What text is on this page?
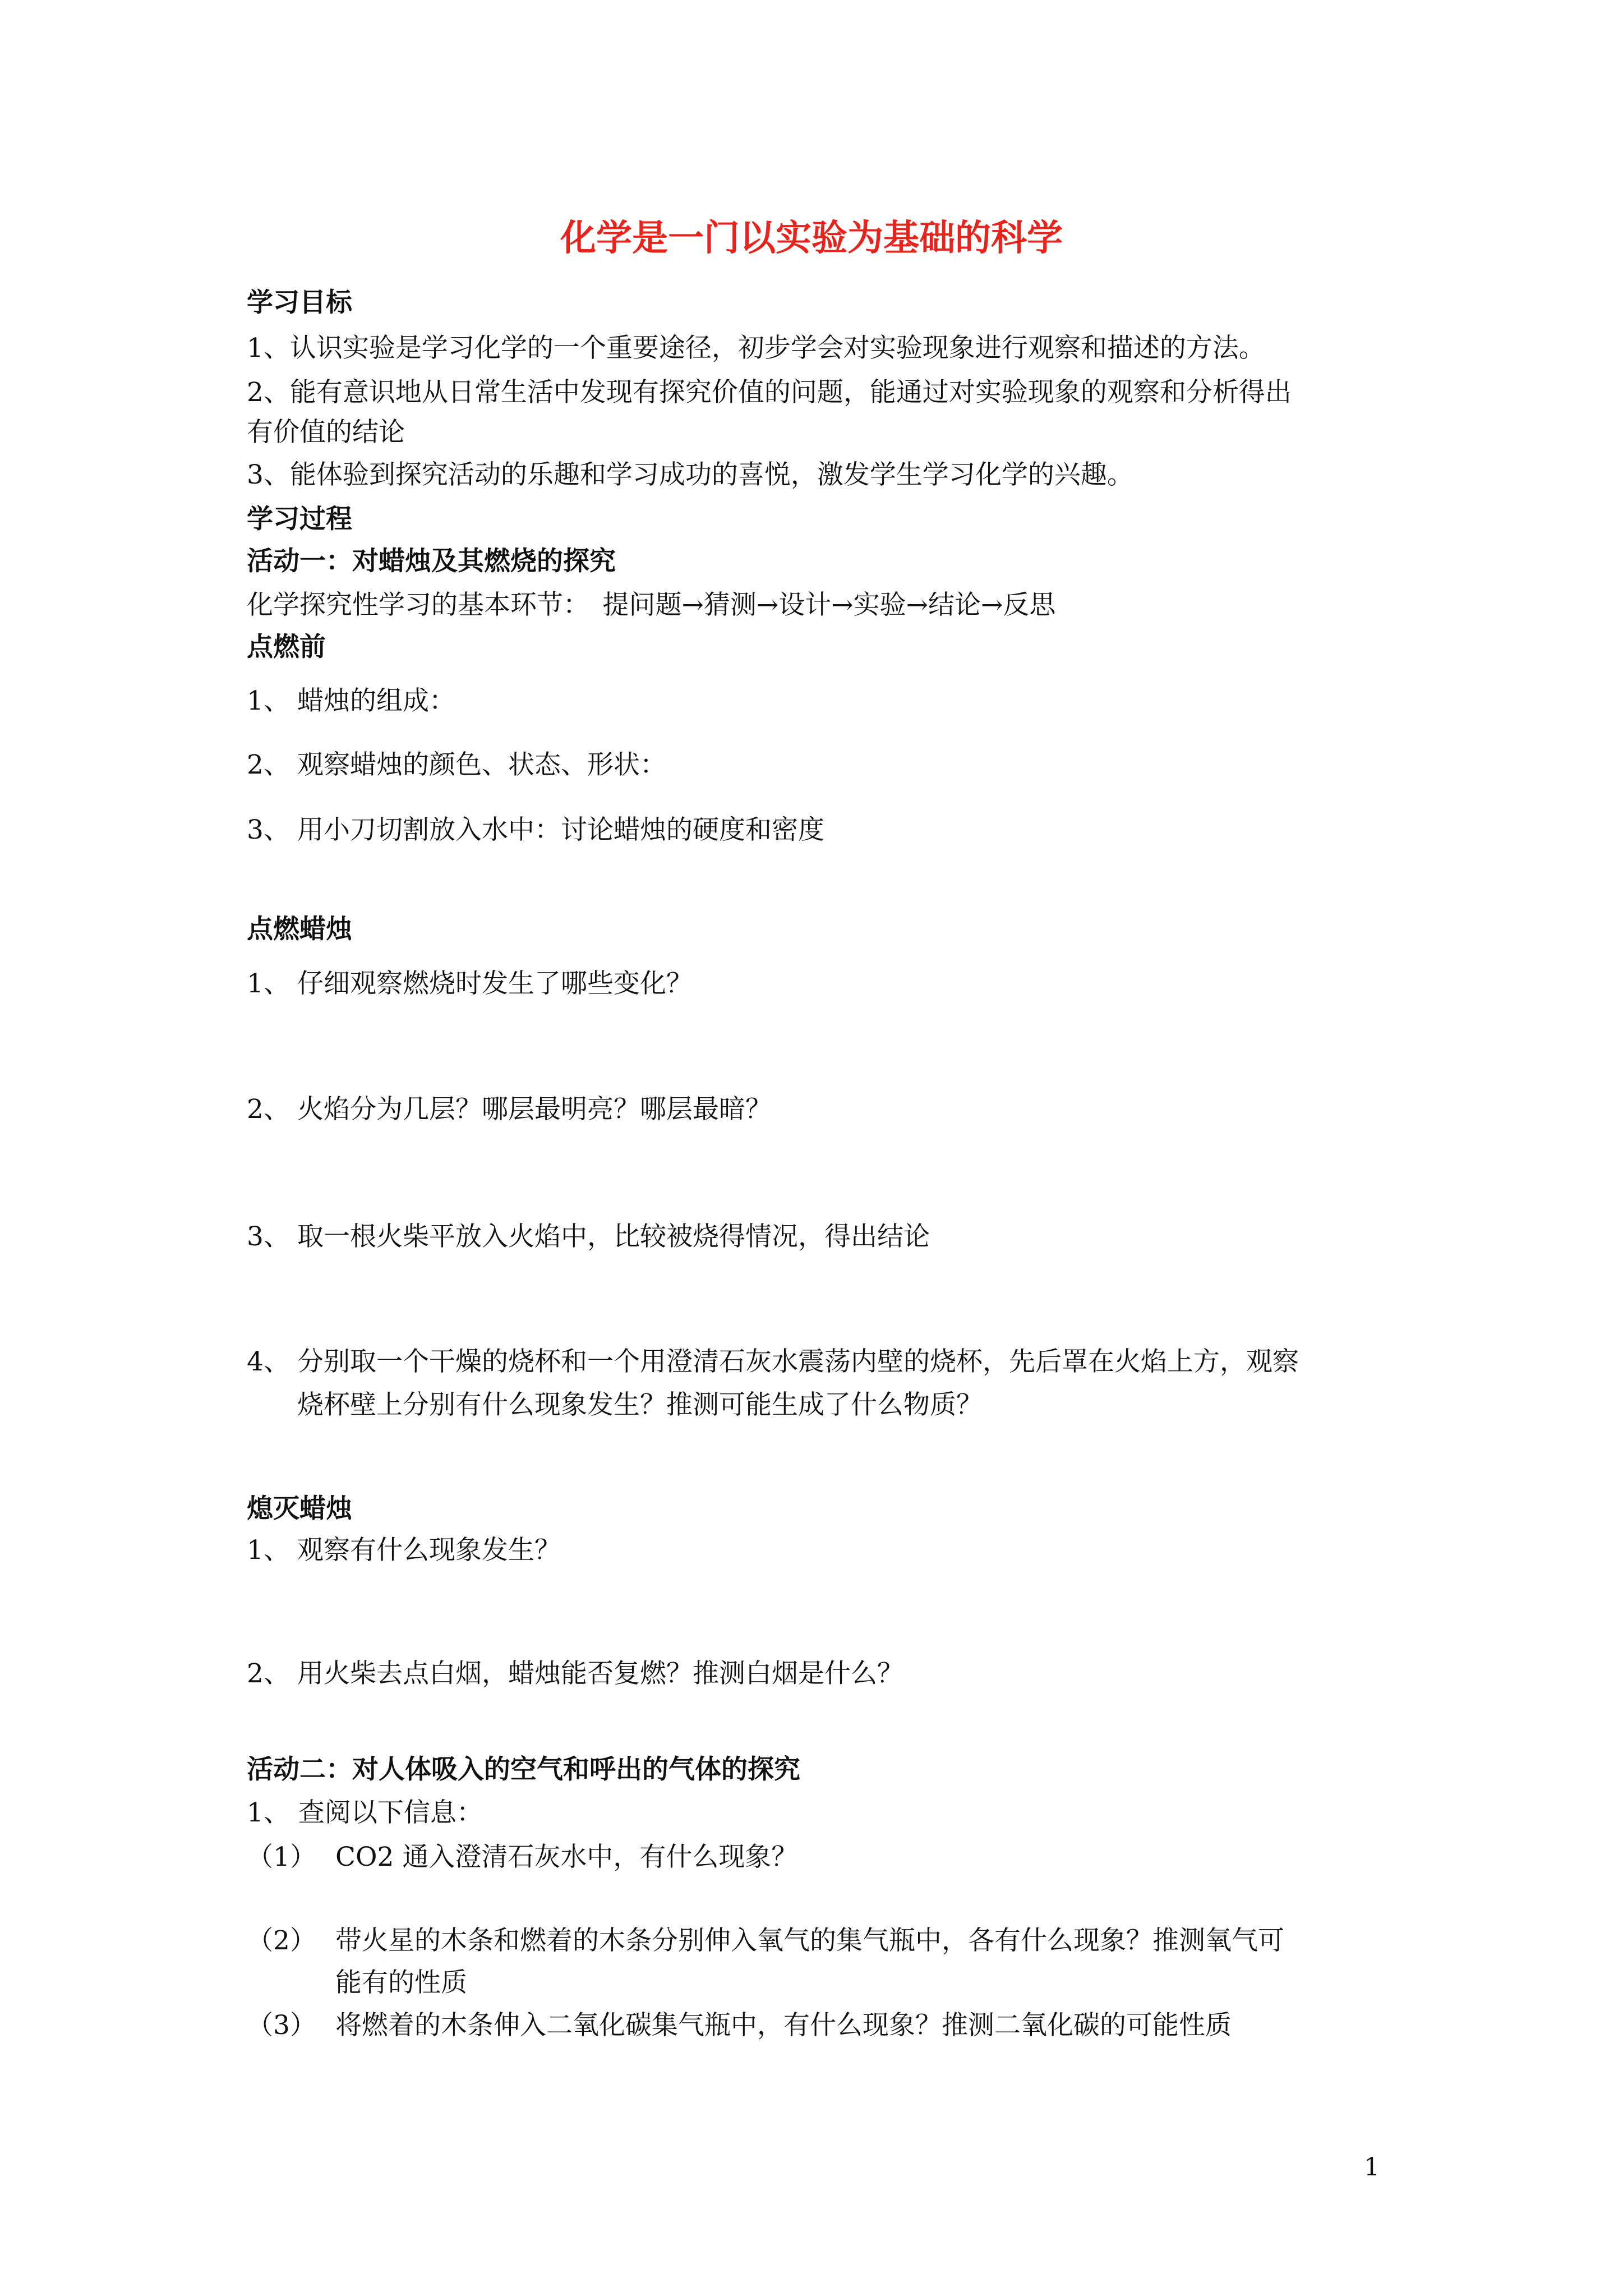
化学是一门以实验为基础的科学
学习目标
1、认识实验是学习化学的一个重要途径，初步学会对实验现象进行观察和描述的方法。
2、能有意识地从日常生活中发现有探究价值的问题，能通过对实验现象的观察和分析得出
有价值的结论
3、能体验到探究活动的乐趣和学习成功的喜悦，激发学生学习化学的兴趣。
学习过程
活动一：对蜡烛及其燃烧的探究
化学探究性学习的基本环节：　提问题→猜测→设计→实验→结论→反思
点燃前
1、 蜡烛的组成：
2、 观察蜡烛的颜色、状态、形状：
3、 用小刀切割放入水中：讨论蜡烛的硬度和密度
点燃蜡烛
1、 仔细观察燃烧时发生了哪些变化？
2、 火焰分为几层？哪层最明亮？哪层最暗？
3、 取一根火柴平放入火焰中，比较被烧得情况，得出结论
4、 分别取一个干燥的烧杯和一个用澄清石灰水震荡内壁的烧杯，先后罩在火焰上方，观察
烧杯壁上分别有什么现象发生？推测可能生成了什么物质？
熄灭蜡烛
1、 观察有什么现象发生？
2、 用火柴去点白烟，蜡烛能否复燃？推测白烟是什么？
活动二：对人体吸入的空气和呼出的气体的探究
1、 查阅以下信息：
（1） CO2 通入澄清石灰水中，有什么现象？
（2） 带火星的木条和燃着的木条分别伸入氧气的集气瓶中，各有什么现象？推测氧气可
能有的性质
（3） 将燃着的木条伸入二氧化碳集气瓶中，有什么现象？推测二氧化碳的可能性质
1
